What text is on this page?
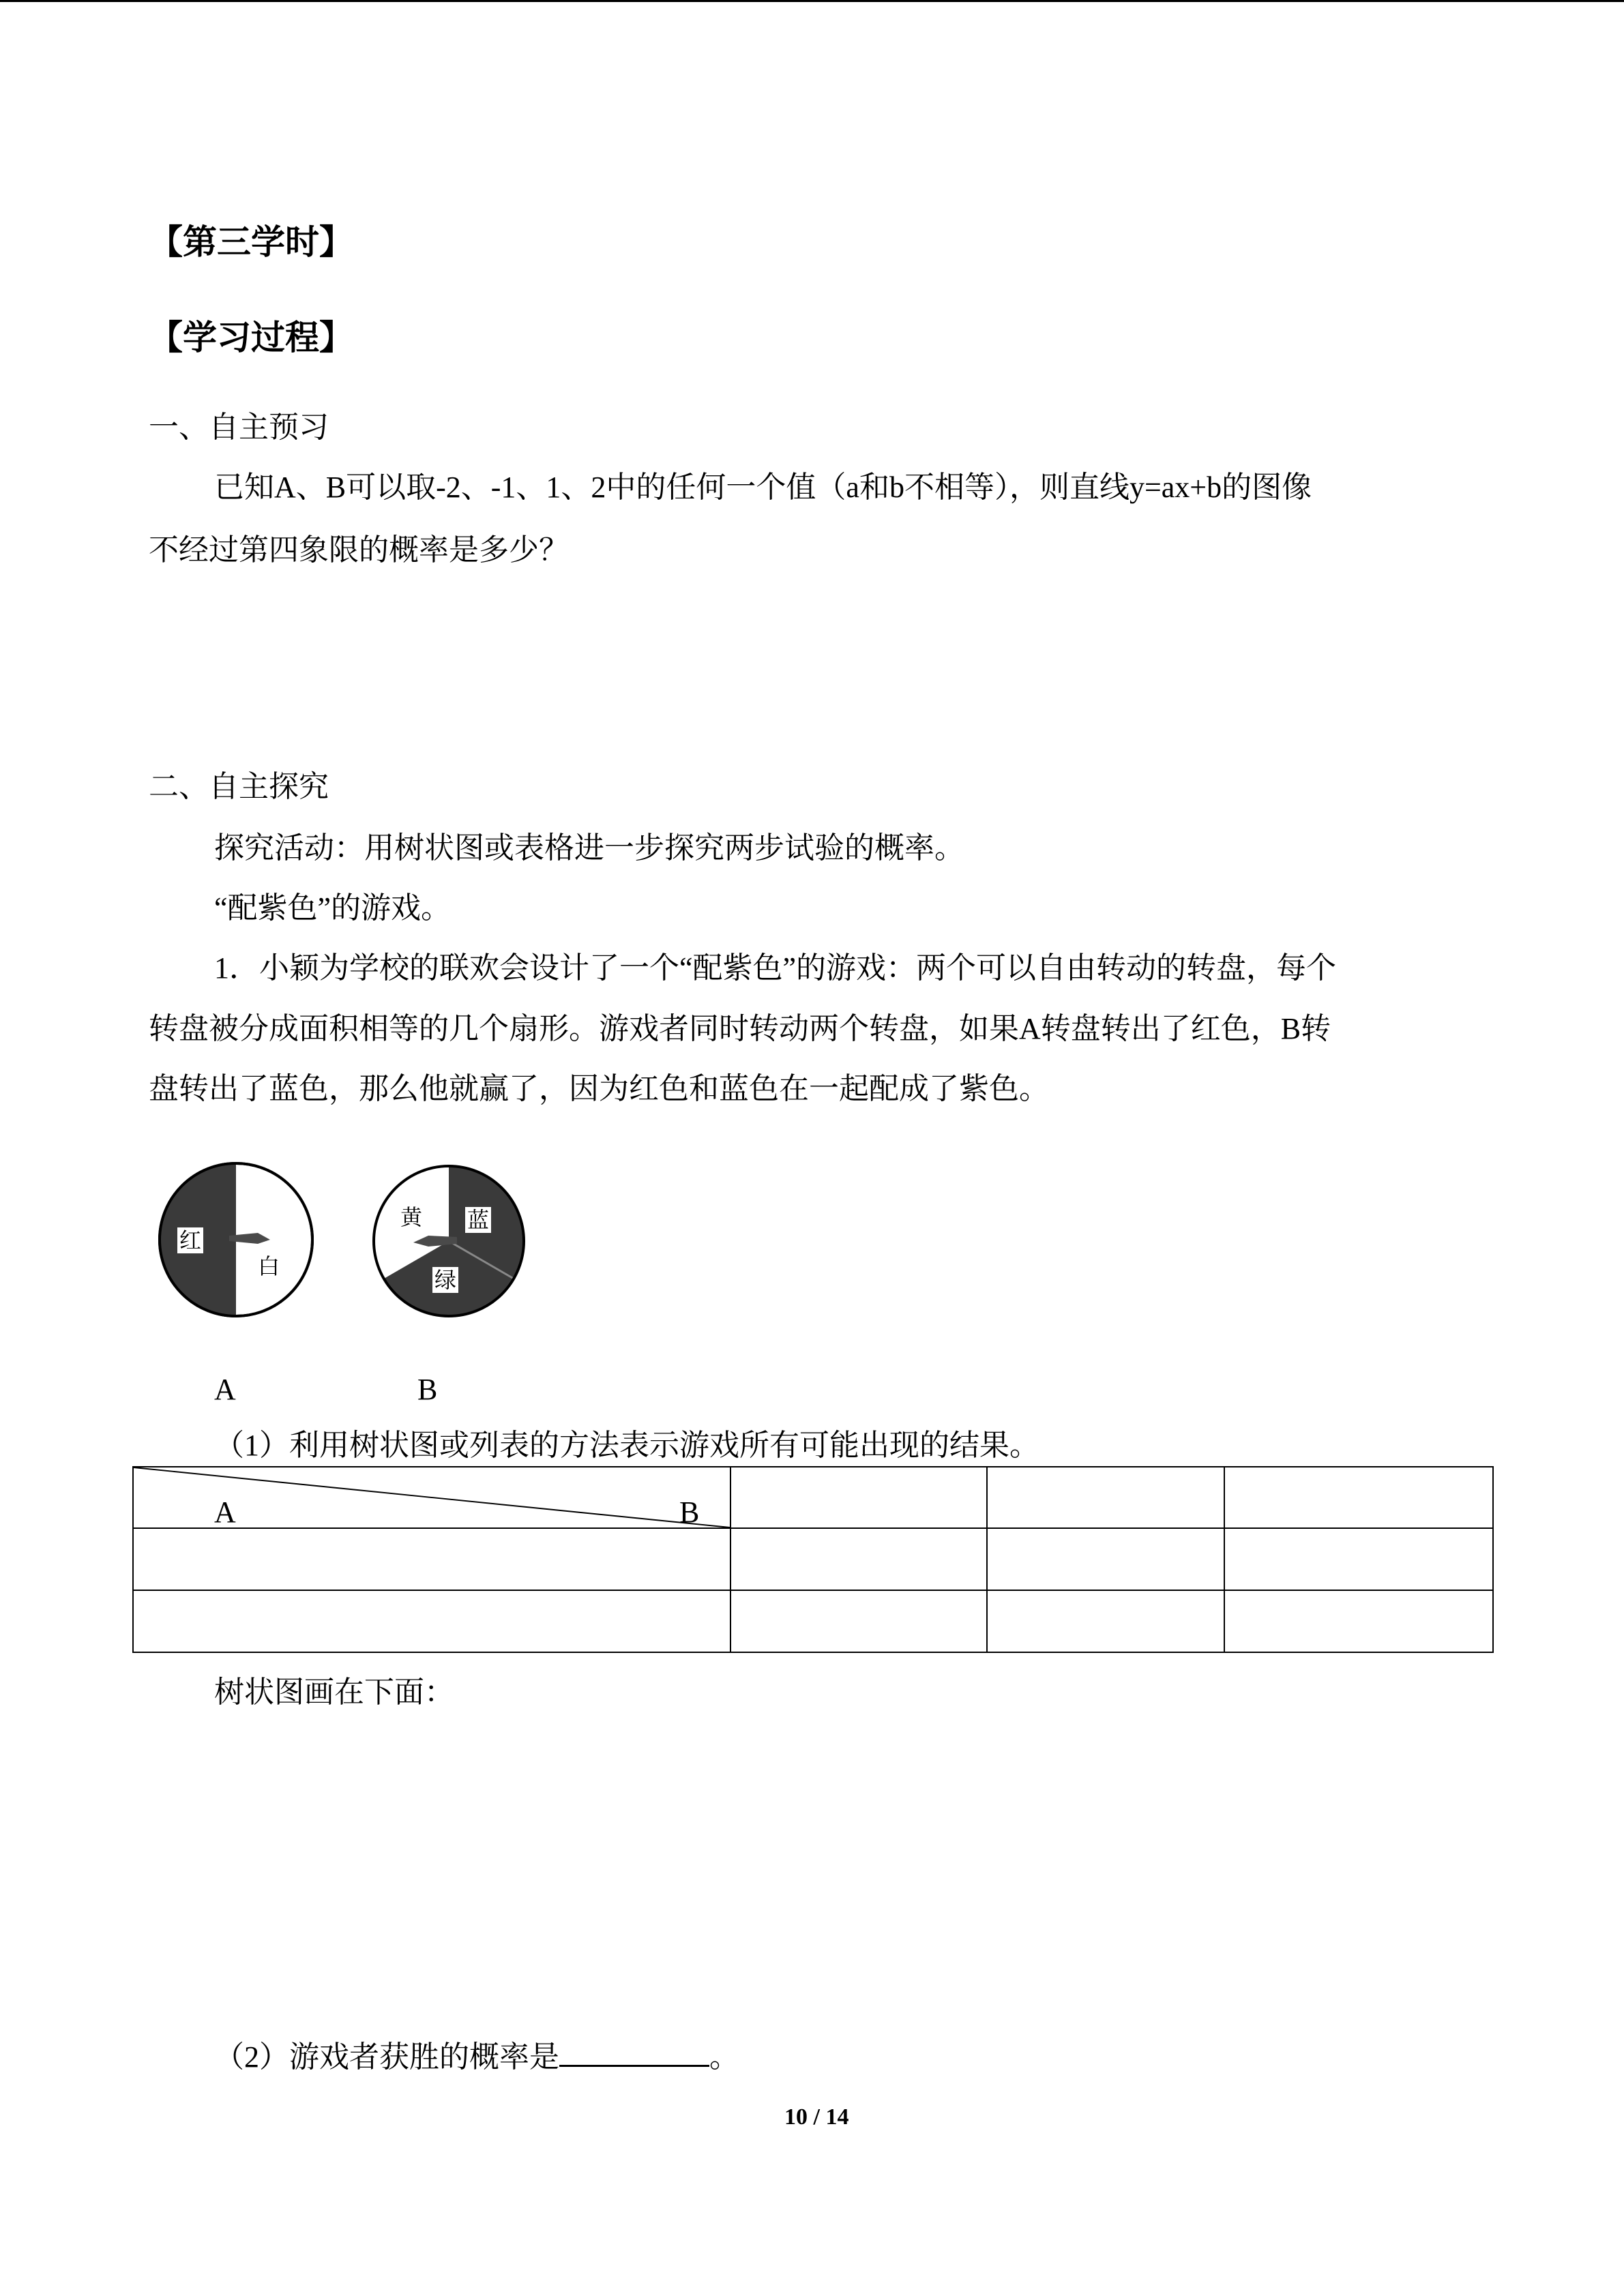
【第三学时】
【学习过程】
一、自主预习
已知A、B可以取-2、-1、1、2中的任何一个值（a和b不相等），则直线y=ax+b的图像
不经过第四象限的概率是多少？
二、自主探究
探究活动：用树状图或表格进一步探究两步试验的概率。
“配紫色”的游戏。
1．小颖为学校的联欢会设计了一个“配紫色”的游戏：两个可以自由转动的转盘，每个
转盘被分成面积相等的几个扇形。游戏者同时转动两个转盘，如果A转盘转出了红色，B转
盘转出了蓝色，那么他就赢了，因为红色和蓝色在一起配成了紫色。
红
白
黄 蓝
绿
A	B
（1）利用树状图或列表的方法表示游戏所有可能出现的结果。
A B			

树状图画在下面：
（2）游戏者获胜的概率是	。
10 / 14
